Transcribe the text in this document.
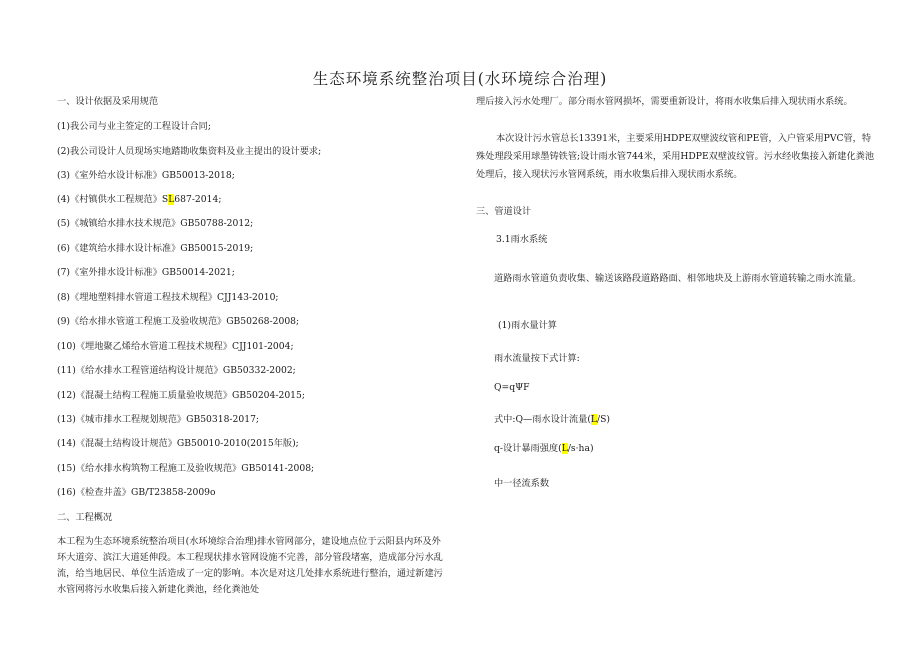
生态环境系统整治项目(水环境综合治理)
一、设计依据及采用规范
(1)我公司与业主签定的工程设计合同;
(2)我公司设计人员现场实地踏勘收集资料及业主提出的设计要求;
(3)《室外给水设计标准》GB50013-2018;
(4)《村镇供水工程规范》SL687-2014;
(5)《城镇给水排水技术规范》GB50788-2012;
(6)《建筑给水排水设计标准》GB50015-2019;
(7)《室外排水设计标准》GB50014-2021;
(8)《埋地塑料排水管道工程技术规程》CJJ143-2010;
(9)《给水排水管道工程施工及验收规范》GB50268-2008;
(10)《埋地聚乙烯给水管道工程技术规程》CJJ101-2004;
(11)《给水排水工程管道结构设计规范》GB50332-2002;
(12)《混凝土结构工程施工质量验收规范》GB50204-2015;
(13)《城市排水工程规划规范》GB50318-2017;
(14)《混凝土结构设计规范》GB50010-2010(2015年版);
(15)《给水排水构筑物工程施工及验收规范》GB50141-2008;
(16)《检查井盖》GB/T23858-2009o
二、工程概况
本工程为生态环境系统整治项目(水环境综合治理)排水管网部分，建设地点位于云阳县内环及外环大道旁、滨江大道延伸段。本工程现状排水管网设施不完善，部分管段堵塞，造成部分污水乱流，给当地居民、单位生活造成了一定的影响。本次是对这几处排水系统进行整治，通过新建污水管网将污水收集后接入新建化粪池，经化粪池处
理后接入污水处理厂。部分雨水管网损坏，需要重新设计，将雨水收集后排入现状雨水系统。
本次设计污水管总长13391米，主要采用HDPE双壁波纹管和PE管，入户管采用PVC管，特殊处理段采用球墨铸铁管;设计雨水管744米，采用HDPE双壁波纹管。污水经收集接入新建化粪池处理后，接入现状污水管网系统，雨水收集后排入现状雨水系统。
三、管道设计
3.1雨水系统
道路雨水管道负责收集、输送该路段道路路面、相邻地块及上游雨水管道转输之雨水流量。
(1)雨水量计算
雨水流量按下式计算:
Q=qΨF
式中:Q—雨水设计流量(L/S)
q-设计暴雨强度(L/s·ha)
中一径流系数
